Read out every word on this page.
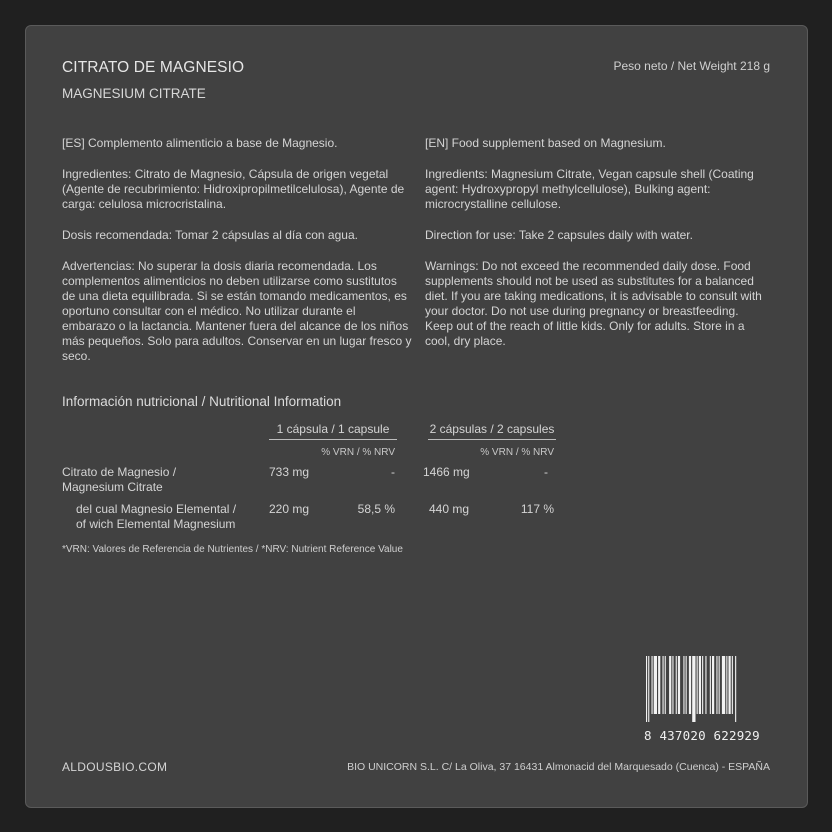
CITRATO DE MAGNESIO
MAGNESIUM CITRATE
Peso neto / Net Weight 218 g

[ES] Complemento alimenticio a base de Magnesio.

Ingredientes: Citrato de Magnesio, Cápsula de origen vegetal (Agente de recubrimiento: Hidroxipropilmetilcelulosa), Agente de carga: celulosa microcristalina.

Dosis recomendada: Tomar 2 cápsulas al día con agua.

Advertencias: No superar la dosis diaria recomendada. Los complementos alimenticios no deben utilizarse como sustitutos de una dieta equilibrada. Si se están tomando medicamentos, es oportuno consultar con el médico. No utilizar durante el embarazo o la lactancia. Mantener fuera del alcance de los niños más pequeños. Solo para adultos. Conservar en un lugar fresco y seco.

[EN] Food supplement based on Magnesium.

Ingredients: Magnesium Citrate, Vegan capsule shell (Coating agent: Hydroxypropyl methylcellulose), Bulking agent: microcrystalline cellulose.

Direction for use: Take 2 capsules daily with water.

Warnings: Do not exceed the recommended daily dose. Food supplements should not be used as substitutes for a balanced diet. If you are taking medications, it is advisable to consult with your doctor. Do not use during pregnancy or breastfeeding. Keep out of the reach of little kids. Only for adults. Store in a cool, dry place.

Información nutricional / Nutritional Information
1 cápsula / 1 capsule	2 cápsulas / 2 capsules
% VRN / % NRV	% VRN / % NRV
Citrato de Magnesio /
Magnesium Citrate
733 mg	- 1466 mg	-
del cual Magnesio Elemental /
of wich Elemental Magnesium
220 mg	58,5 %	440 mg	117 %
*VRN: Valores de Referencia de Nutrientes / *NRV: Nutrient Reference Value
8 437020 622929
ALDOUSBIO.COM	BIO UNICORN S.L. C/ La Oliva, 37 16431 Almonacid del Marquesado (Cuenca) - ESPAÑA
